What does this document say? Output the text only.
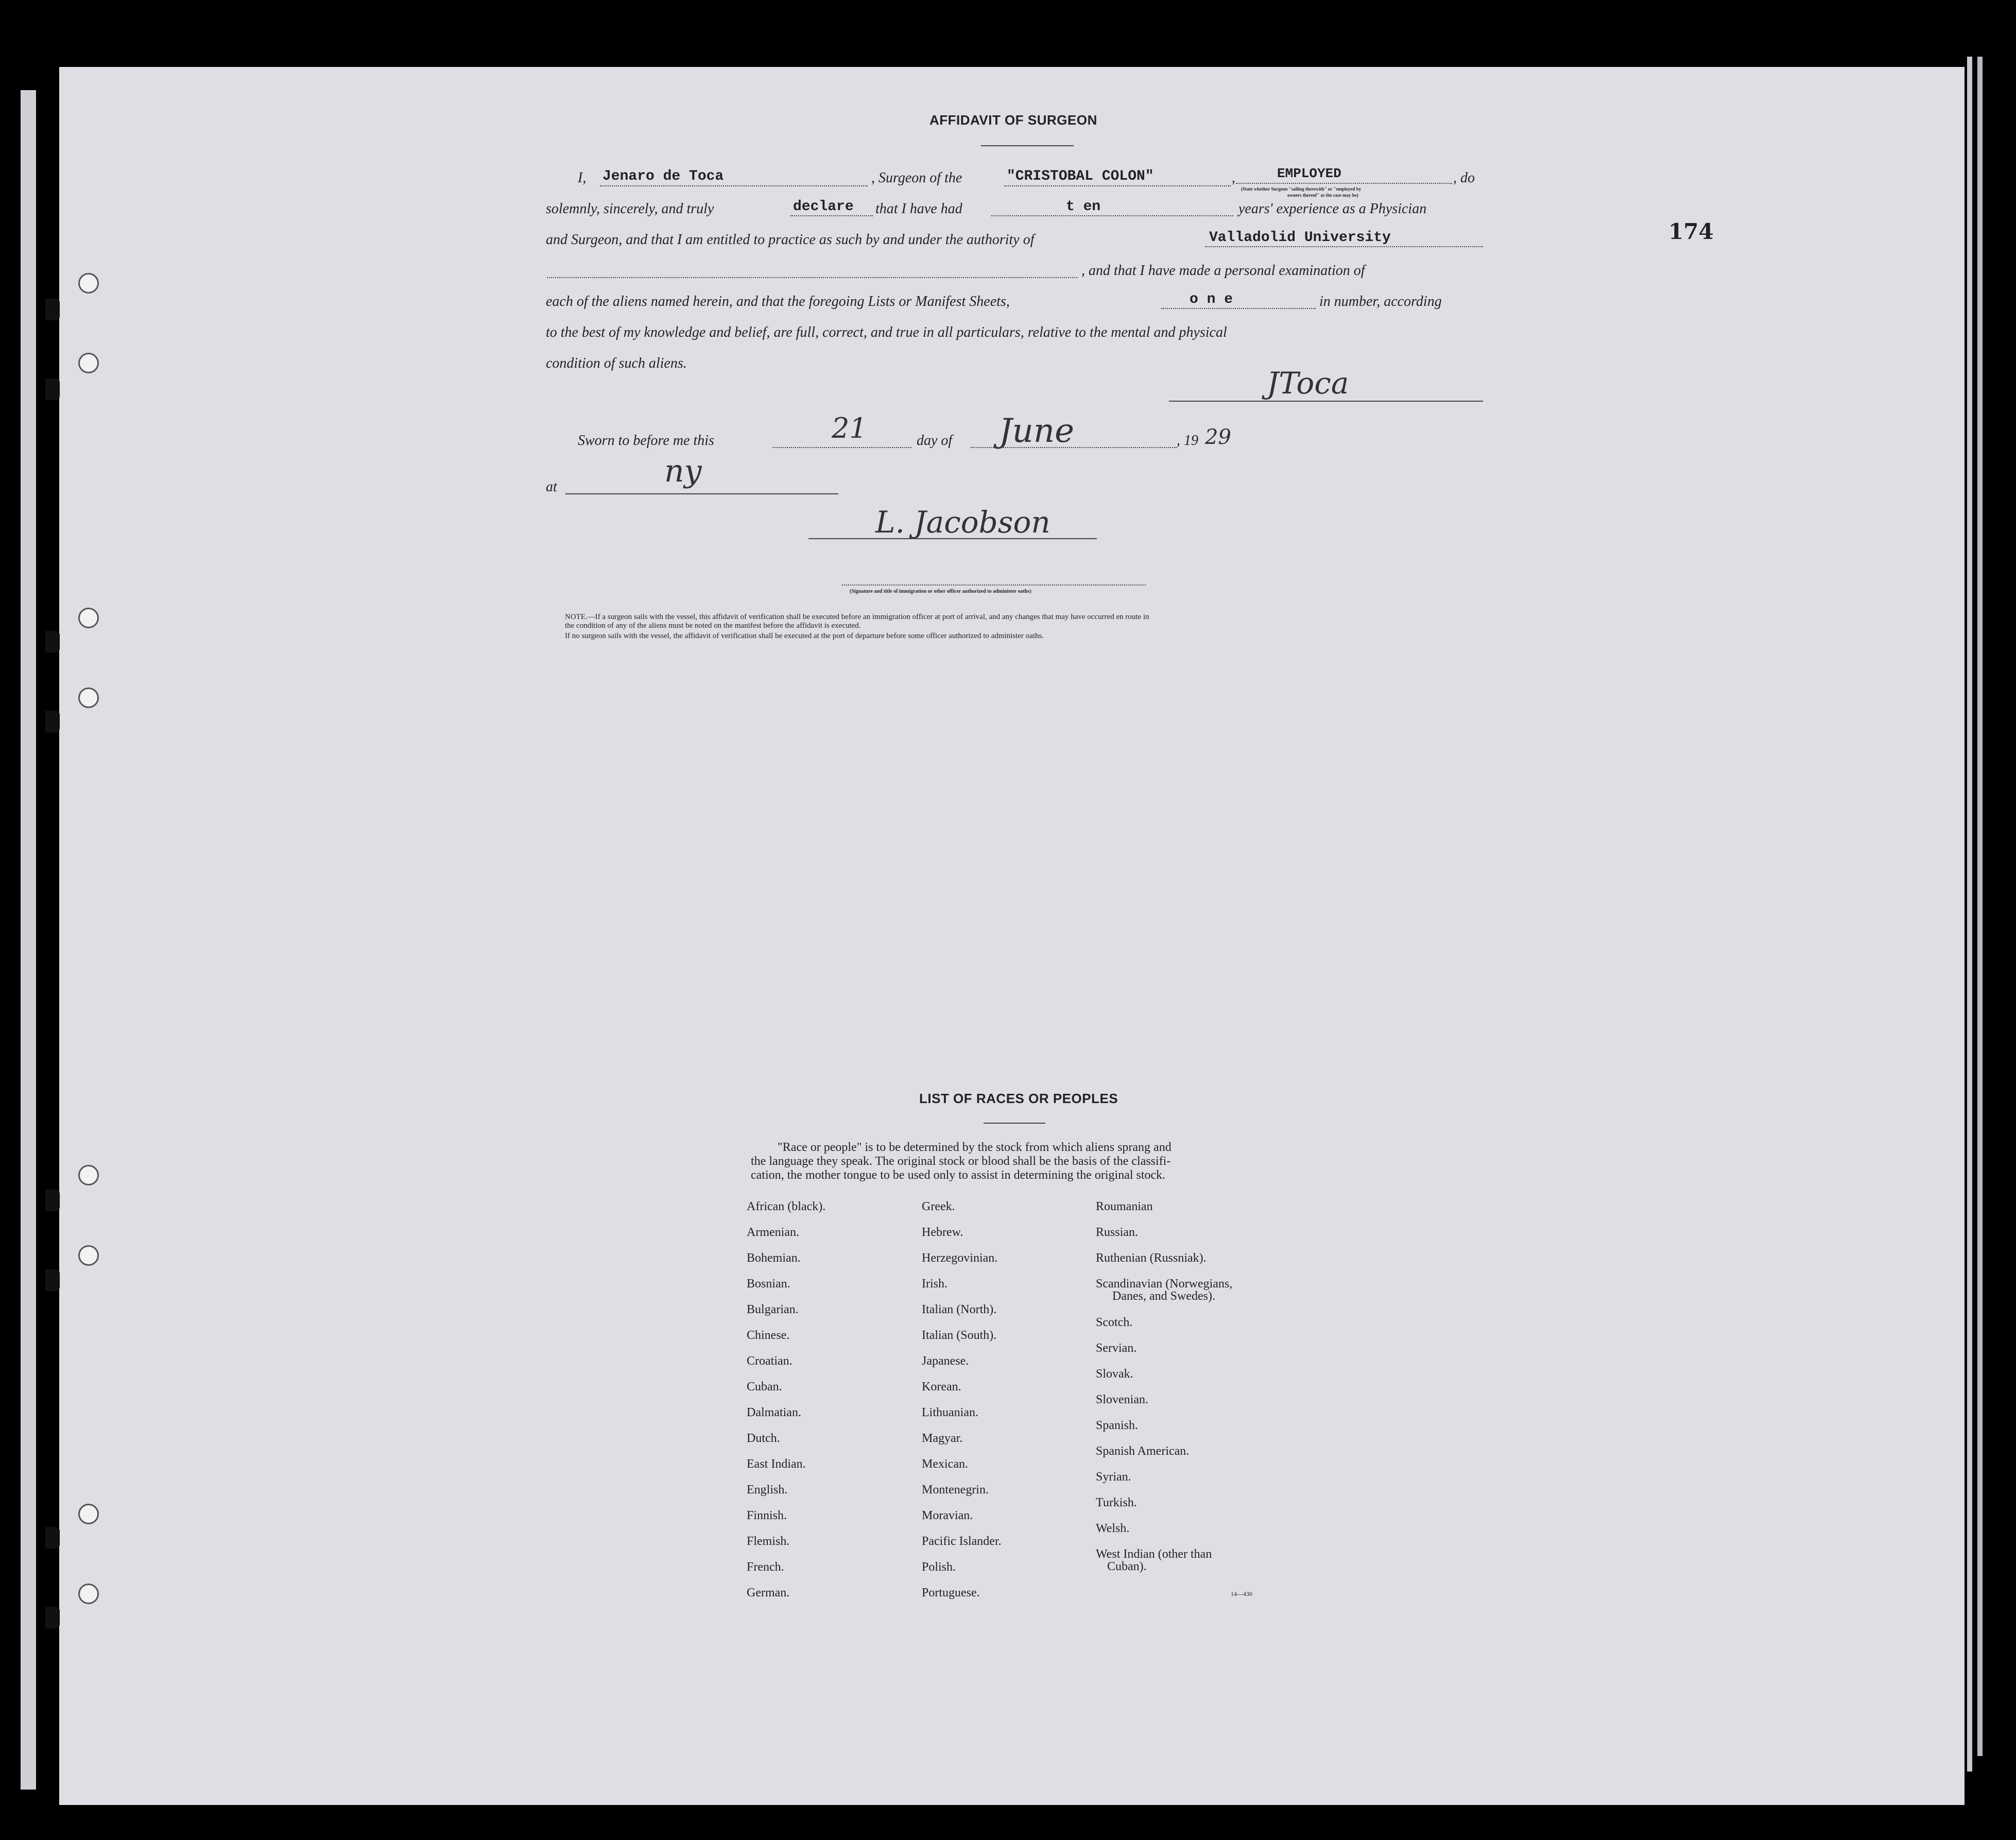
174
AFFIDAVIT OF SURGEON
I, Jenaro de Toca	, Surgeon of the	"CRISTOBAL COLON"	,	EMPLOYED
(State whether Surgeon "sailing therewith" or "employed by
owners thereof" as the case may be)
, do
solemnly, sincerely, and truly	declare that I have had	t en	years' experience as a Physician
and Surgeon, and that I am entitled to practice as such by and under the authority of	Valladolid University
, and that I have made a personal examination of
each of the aliens named herein, and that the foregoing Lists or Manifest Sheets,	o n e	in number, according
to the best of my knowledge and belief, are full, correct, and true in all particulars, relative to the mental and physical
condition of such aliens.
JToca
Sworn to before me this	21	day of June	, 19 29
at	ny
L. Jacobson
(Signature and title of immigration or other officer authorized to administer oaths)
NOTE.—If a surgeon sails with the vessel, this affidavit of verification shall be executed before an immigration officer at port of arrival, and any changes that may have occurred en route in
the condition of any of the aliens must be noted on the manifest before the affidavit is executed.
If no surgeon sails with the vessel, the affidavit of verification shall be executed at the port of departure before some officer authorized to administer oaths.
LIST OF RACES OR PEOPLES
"Race or people" is to be determined by the stock from which aliens sprang and
the language they speak. The original stock or blood shall be the basis of the classifi-
cation, the mother tongue to be used only to assist in determining the original stock.
African (black).
Armenian.
Bohemian.
Bosnian.
Bulgarian.
Chinese.
Croatian.
Cuban.
Dalmatian.
Dutch.
East Indian.
English.
Finnish.
Flemish.
French.
German.
Greek.
Hebrew.
Herzegovinian.
Irish.
Italian (North).
Italian (South).
Japanese.
Korean.
Lithuanian.
Magyar.
Mexican.
Montenegrin.
Moravian.
Pacific Islander.
Polish.
Portuguese.
Roumanian
Russian.
Ruthenian (Russniak).
Scandinavian (Norwegians,
Danes, and Swedes).
Scotch.
Servian.
Slovak.
Slovenian.
Spanish.
Spanish American.
Syrian.
Turkish.
Welsh.
West Indian (other than
Cuban).
14—430
